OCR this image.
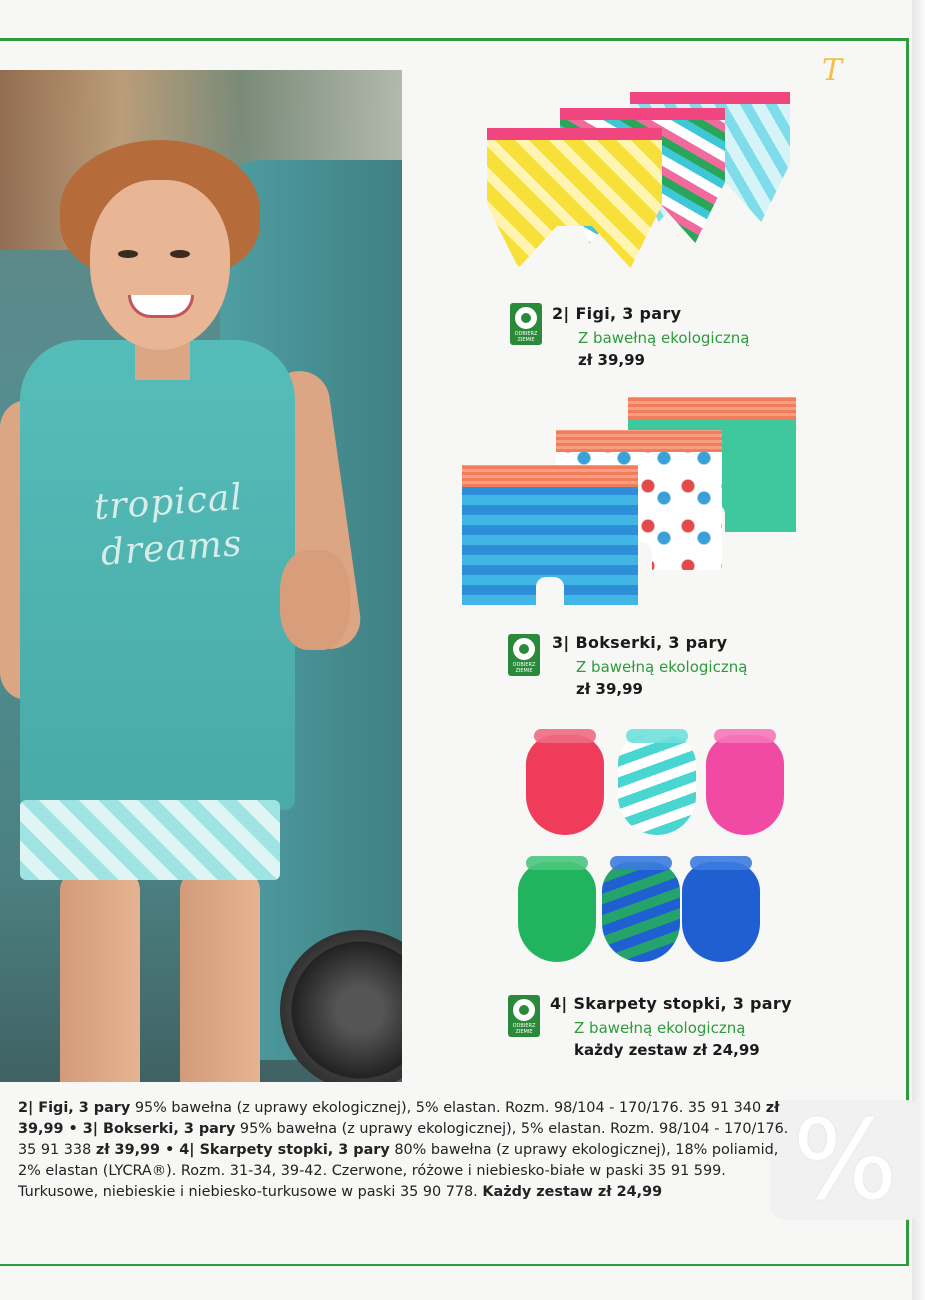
T
tropical dreams
ODBIERZ ZIEMIE
2| Figi, 3 pary
Z bawełną ekologiczną
zł 39,99
ODBIERZ ZIEMIE
3| Bokserki, 3 pary
Z bawełną ekologiczną
zł 39,99
ODBIERZ ZIEMIE
4| Skarpety stopki, 3 pary
Z bawełną ekologiczną
każdy zestaw zł 24,99
%
2| Figi, 3 pary 95% bawełna (z uprawy ekologicznej), 5% elastan. Rozm. 98/104 - 170/176. 35 91 340 zł 39,99 • 3| Bokserki, 3 pary 95% bawełna (z uprawy ekologicznej), 5% elastan. Rozm. 98/104 - 170/176. 35 91 338 zł 39,99 • 4| Skarpety stopki, 3 pary 80% bawełna (z uprawy ekologicznej), 18% poliamid, 2% elastan (LYCRA®). Rozm. 31-34, 39-42. Czerwone, różowe i niebiesko-białe w paski 35 91 599. Turkusowe, niebieskie i niebiesko-turkusowe w paski 35 90 778. Każdy zestaw zł 24,99
